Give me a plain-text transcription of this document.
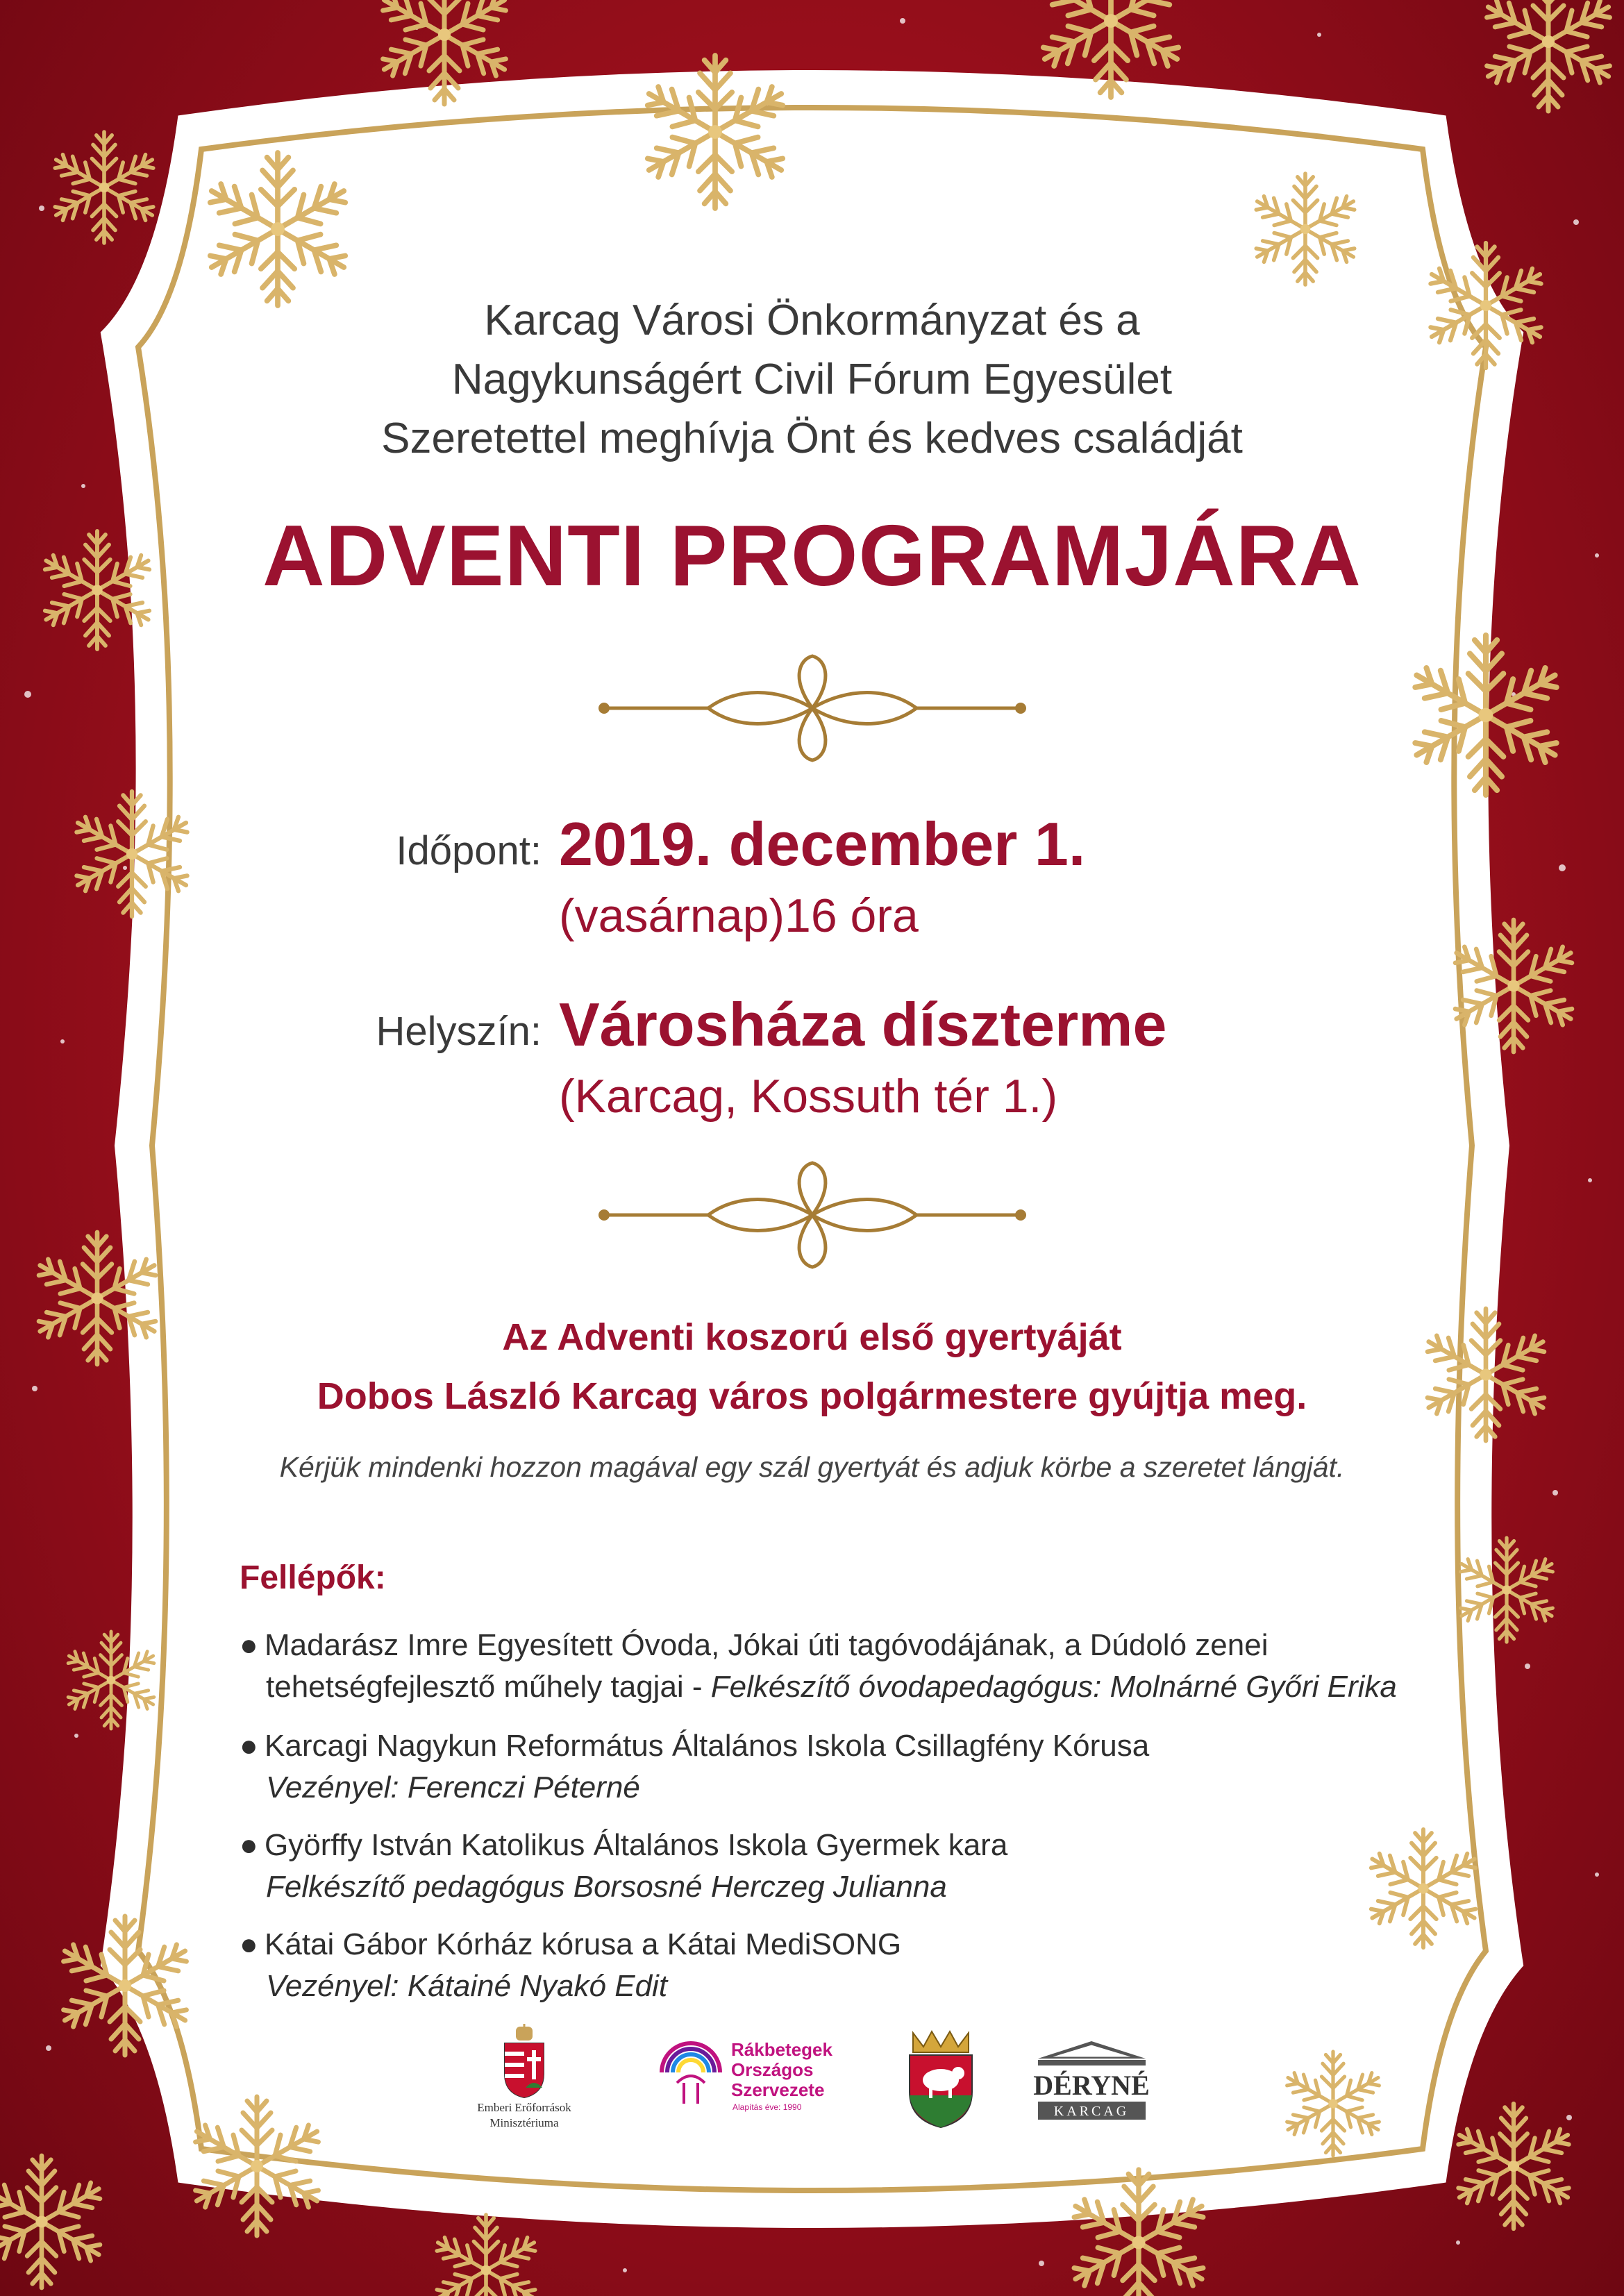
Karcag Városi Önkormányzat és a

Nagykunságért Civil Fórum Egyesület

Szeretettel meghívja Önt és kedves családját

ADVENTI PROGRAMJÁRA

Időpont: 2019. december 1.
(vasárnap)16 óra
Helyszín: Városháza díszterme
(Karcag, Kossuth tér 1.)

Az Adventi koszorú első gyertyáját

Dobos László Karcag város polgármestere gyújtja meg.

Kérjük mindenki hozzon magával egy szál gyertyát és adjuk körbe a szeretet lángját.

Fellépők:
● Madarász Imre Egyesített Óvoda, Jókai úti tagóvodájának, a Dúdoló zenei
tehetségfejlesztő műhely tagjai - Felkészítő óvodapedagógus: Molnárné Győri Erika
● Karcagi Nagykun Református Általános Iskola Csillagfény Kórusa
Vezényel: Ferenczi Péterné
● Györffy István Katolikus Általános Iskola Gyermek kara
Felkészítő pedagógus Borsosné Herczeg Julianna
● Kátai Gábor Kórház kórusa a Kátai MediSONG
Vezényel: Kátainé Nyakó Edit
Emberi Erőforrások
Minisztériuma
Rákbetegek
Országos
Szervezete
Alapítás éve: 1990
DÉRYNÉ
KARCAG
